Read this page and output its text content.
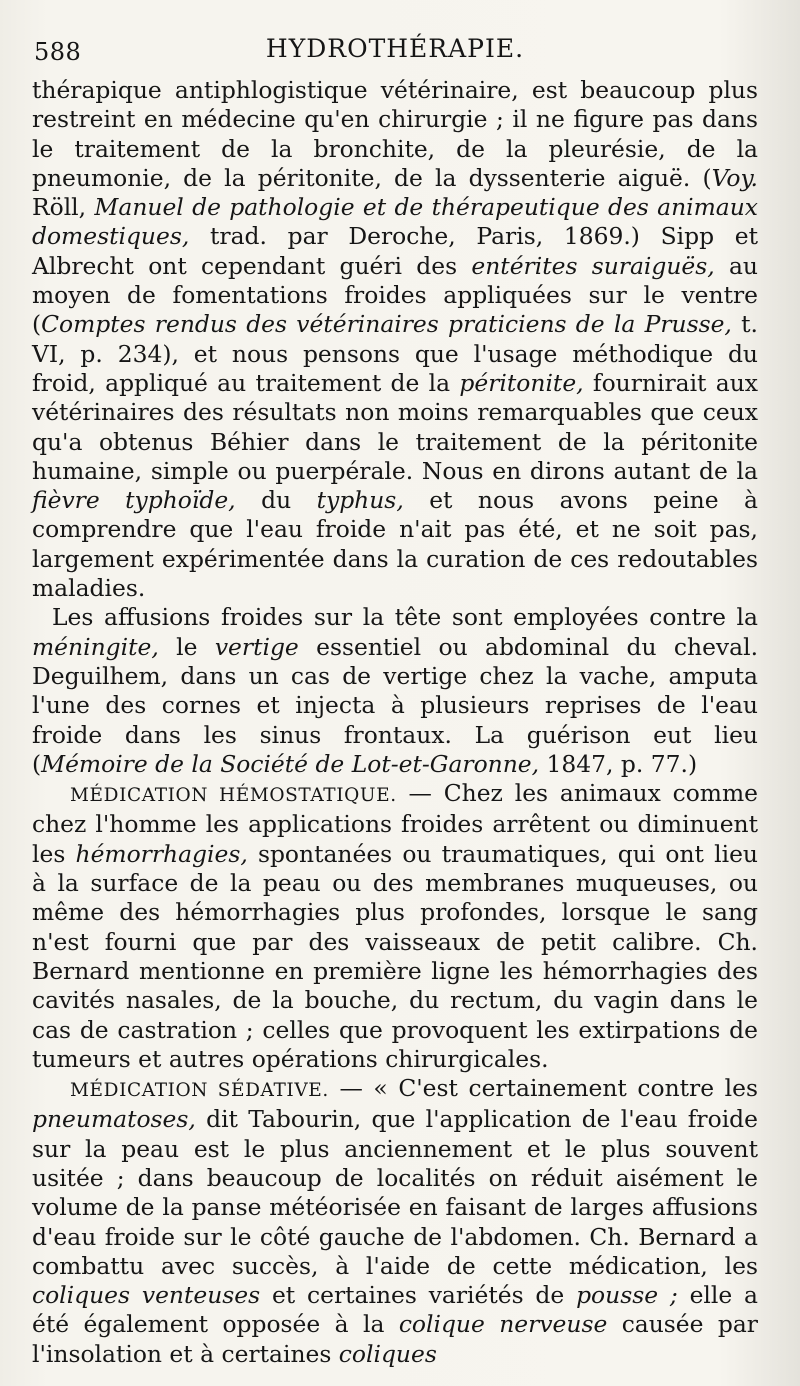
588	HYDROTHÉRAPIE.

thérapique antiphlogistique vétérinaire, est beaucoup plus restreint en médecine qu'en chirurgie ; il ne figure pas dans le traitement de la bronchite, de la pleurésie, de la pneumonie, de la péritonite, de la dyssenterie aiguë. (Voy. Röll, Manuel de pathologie et de thérapeutique des animaux domestiques, trad. par Deroche, Paris, 1869.) Sipp et Albrecht ont cependant guéri des entérites suraiguës, au moyen de fomentations froides appliquées sur le ventre (Comptes rendus des vétérinaires praticiens de la Prusse, t. VI, p. 234), et nous pensons que l'usage méthodique du froid, appliqué au traitement de la péritonite, fournirait aux vétérinaires des résultats non moins remarquables que ceux qu'a obtenus Béhier dans le traitement de la péritonite humaine, simple ou puerpérale. Nous en dirons autant de la fièvre typhoïde, du typhus, et nous avons peine à comprendre que l'eau froide n'ait pas été, et ne soit pas, largement expérimentée dans la curation de ces redoutables maladies.

Les affusions froides sur la tête sont employées contre la méningite, le vertige essentiel ou abdominal du cheval. Deguilhem, dans un cas de vertige chez la vache, amputa l'une des cornes et injecta à plusieurs reprises de l'eau froide dans les sinus frontaux. La guérison eut lieu (Mémoire de la Société de Lot-et-Garonne, 1847, p. 77.)

MÉDICATION HÉMOSTATIQUE. — Chez les animaux comme chez l'homme les applications froides arrêtent ou diminuent les hémorrhagies, spontanées ou traumatiques, qui ont lieu à la surface de la peau ou des membranes muqueuses, ou même des hémorrhagies plus profondes, lorsque le sang n'est fourni que par des vaisseaux de petit calibre. Ch. Bernard mentionne en première ligne les hémorrhagies des cavités nasales, de la bouche, du rectum, du vagin dans le cas de castration ; celles que provoquent les extirpations de tumeurs et autres opérations chirurgicales.

MÉDICATION SÉDATIVE. — « C'est certainement contre les pneumatoses, dit Tabourin, que l'application de l'eau froide sur la peau est le plus anciennement et le plus souvent usitée ; dans beaucoup de localités on réduit aisément le volume de la panse météorisée en faisant de larges affusions d'eau froide sur le côté gauche de l'abdomen. Ch. Bernard a combattu avec succès, à l'aide de cette médication, les coliques venteuses et certaines variétés de pousse ; elle a été également opposée à la colique nerveuse causée par l'insolation et à certaines coliques
